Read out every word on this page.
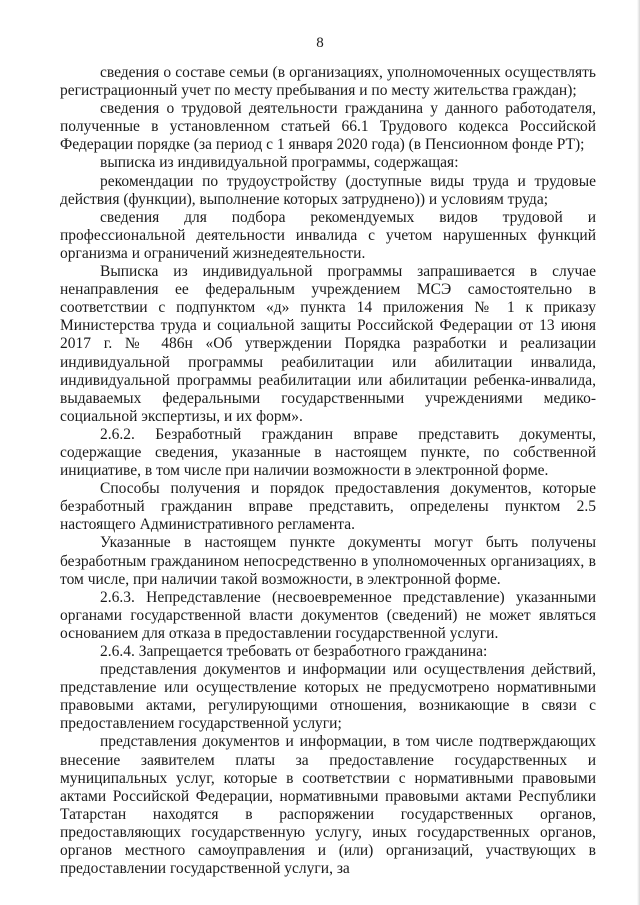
8

сведения о составе семьи (в организациях, уполномоченных осуществлять регистрационный учет по месту пребывания и по месту жительства граждан);

сведения о трудовой деятельности гражданина у данного работодателя, полученные в установленном статьей 66.1 Трудового кодекса Российской Федерации порядке (за период с 1 января 2020 года) (в Пенсионном фонде РТ);

выписка из индивидуальной программы, содержащая:

рекомендации по трудоустройству (доступные виды труда и трудовые действия (функции), выполнение которых затруднено)) и условиям труда;

сведения для подбора рекомендуемых видов трудовой и профессиональной деятельности инвалида с учетом нарушенных функций организма и ограничений жизнедеятельности.

Выписка из индивидуальной программы запрашивается в случае ненаправления ее федеральным учреждением МСЭ самостоятельно в соответствии с подпунктом «д» пункта 14 приложения № 1 к приказу Министерства труда и социальной защиты Российской Федерации от 13 июня 2017 г. № 486н «Об утверждении Порядка разработки и реализации индивидуальной программы реабилитации или абилитации инвалида, индивидуальной программы реабилитации или абилитации ребенка-инвалида, выдаваемых федеральными государственными учреждениями медико-социальной экспертизы, и их форм».

2.6.2. Безработный гражданин вправе представить документы, содержащие сведения, указанные в настоящем пункте, по собственной инициативе, в том числе при наличии возможности в электронной форме.

Способы получения и порядок предоставления документов, которые безработный гражданин вправе представить, определены пунктом 2.5 настоящего Административного регламента.

Указанные в настоящем пункте документы могут быть получены безработным гражданином непосредственно в уполномоченных организациях, в том числе, при наличии такой возможности, в электронной форме.

2.6.3. Непредставление (несвоевременное представление) указанными органами государственной власти документов (сведений) не может являться основанием для отказа в предоставлении государственной услуги.

2.6.4. Запрещается требовать от безработного гражданина:

представления документов и информации или осуществления действий, представление или осуществление которых не предусмотрено нормативными правовыми актами, регулирующими отношения, возникающие в связи с предоставлением государственной услуги;

представления документов и информации, в том числе подтверждающих внесение заявителем платы за предоставление государственных и муниципальных услуг, которые в соответствии с нормативными правовыми актами Российской Федерации, нормативными правовыми актами Республики Татарстан находятся в распоряжении государственных органов, предоставляющих государственную услугу, иных государственных органов, органов местного самоуправления и (или) организаций, участвующих в предоставлении государственной услуги, за
